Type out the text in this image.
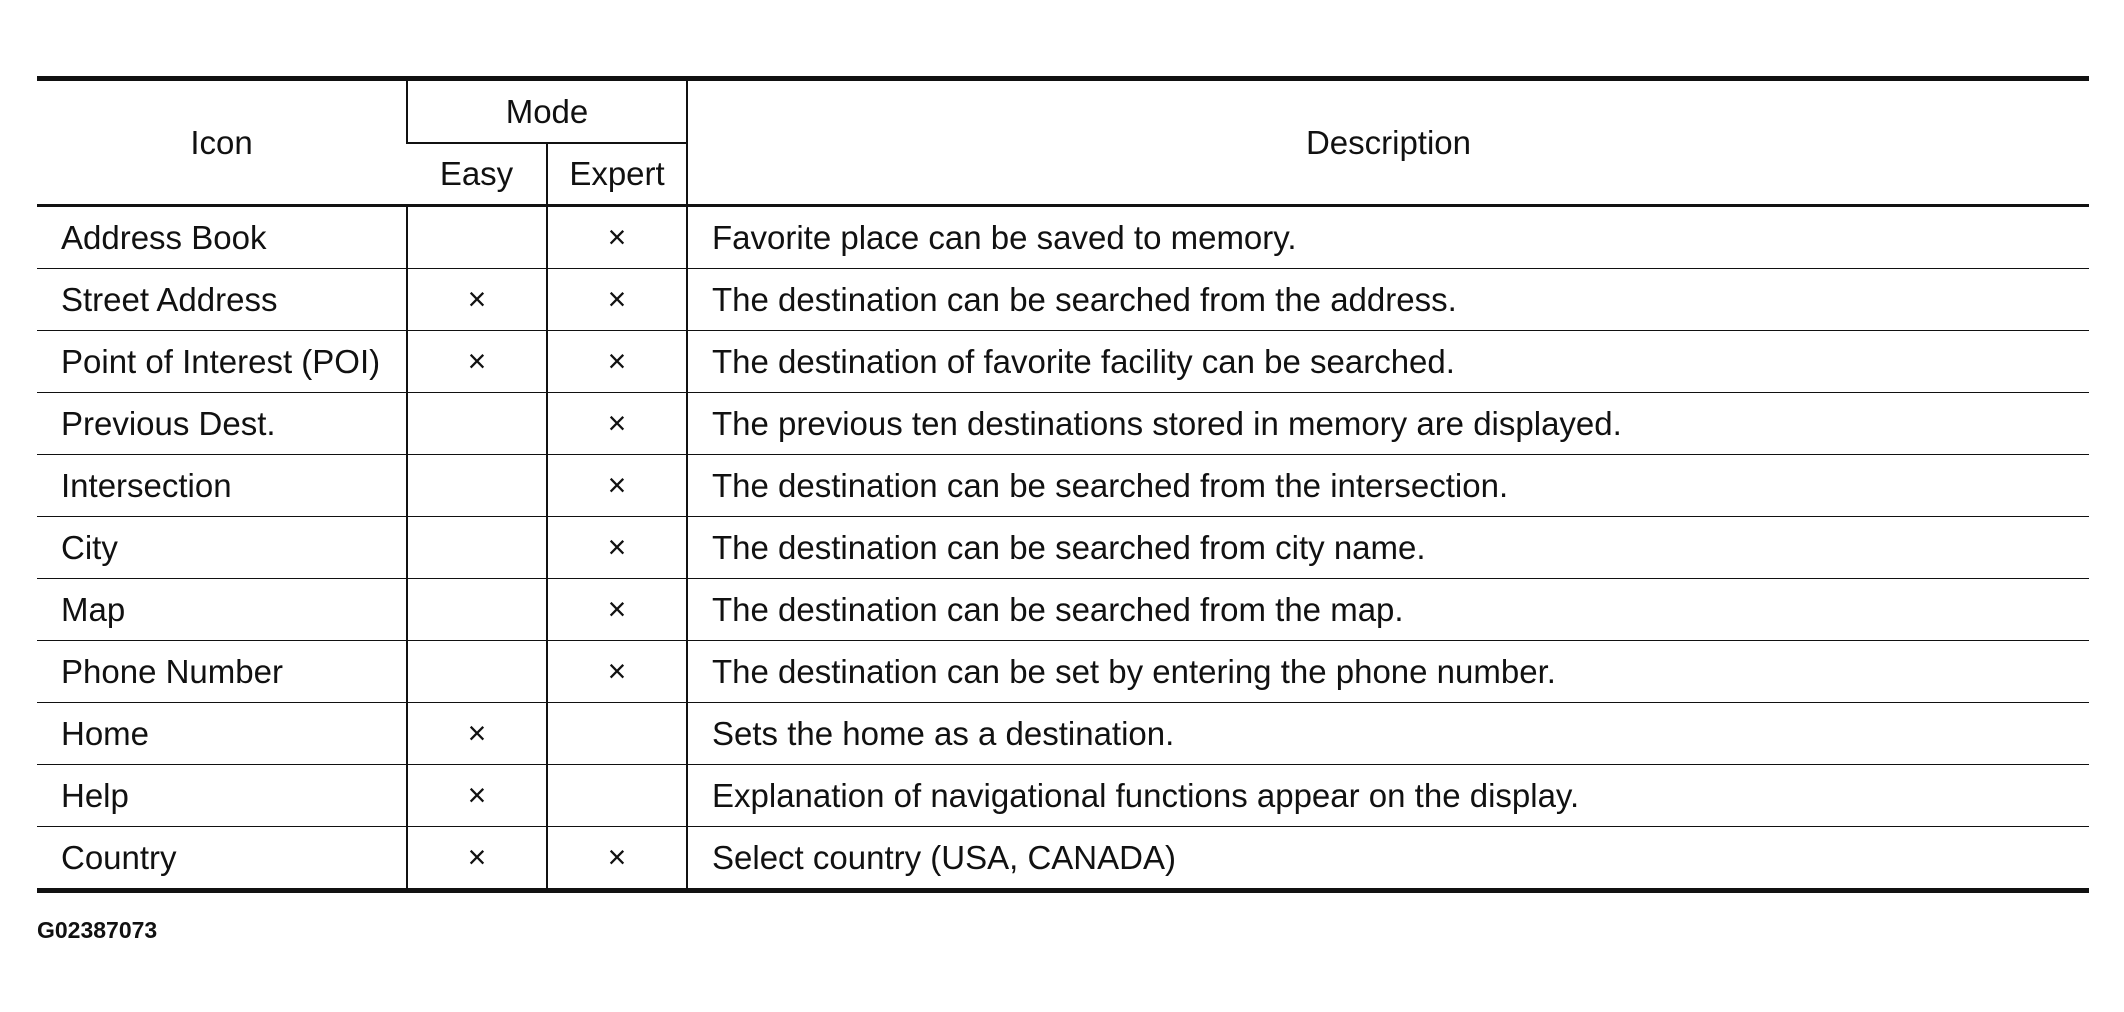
Icon	Mode		Description
	Easy	Expert	
Address Book		×	Favorite place can be saved to memory.
Street Address	×	×	The destination can be searched from the address.
Point of Interest (POI)	×	×	The destination of favorite facility can be searched.
Previous Dest.		×	The previous ten destinations stored in memory are displayed.
Intersection		×	The destination can be searched from the intersection.
City		×	The destination can be searched from city name.
Map		×	The destination can be searched from the map.
Phone Number		×	The destination can be set by entering the phone number.
Home	×		Sets the home as a destination.
Help	×		Explanation of navigational functions appear on the display.
Country	×	×	Select country (USA, CANADA)
G02387073
